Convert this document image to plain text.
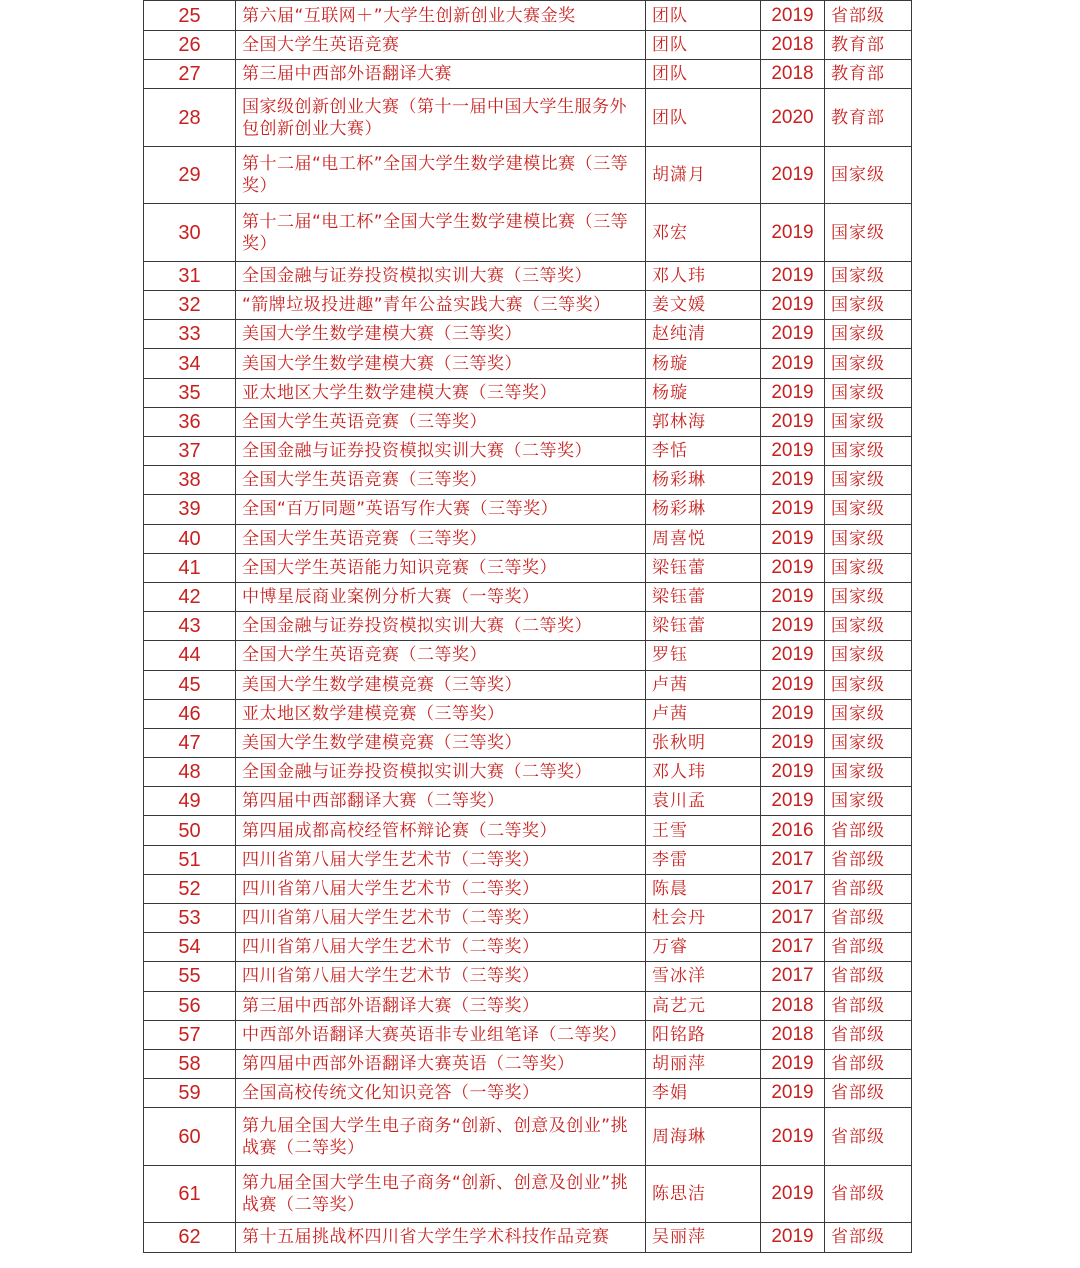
25	第六届“互联网＋”大学生创新创业大赛金奖	团队	2019	省部级
26	全国大学生英语竞赛	团队	2018	教育部
27	第三届中西部外语翻译大赛	团队	2018	教育部
28	国家级创新创业大赛（第十一届中国大学生服务外包创新创业大赛）	团队	2020	教育部
29	第十二届“电工杯”全国大学生数学建模比赛（三等奖）	胡潇月	2019	国家级
30	第十二届“电工杯”全国大学生数学建模比赛（三等奖）	邓宏	2019	国家级
31	全国金融与证券投资模拟实训大赛（三等奖）	邓人玮	2019	国家级
32	“箭牌垃圾投进趣”青年公益实践大赛（三等奖）	姜文媛	2019	国家级
33	美国大学生数学建模大赛（三等奖）	赵纯清	2019	国家级
34	美国大学生数学建模大赛（三等奖）	杨璇	2019	国家级
35	亚太地区大学生数学建模大赛（三等奖）	杨璇	2019	国家级
36	全国大学生英语竞赛（三等奖）	郭林海	2019	国家级
37	全国金融与证券投资模拟实训大赛（二等奖）	李恬	2019	国家级
38	全国大学生英语竞赛（三等奖）	杨彩琳	2019	国家级
39	全国“百万同题”英语写作大赛（三等奖）	杨彩琳	2019	国家级
40	全国大学生英语竞赛（三等奖）	周喜悦	2019	国家级
41	全国大学生英语能力知识竞赛（三等奖）	梁钰蕾	2019	国家级
42	中博星辰商业案例分析大赛（一等奖）	梁钰蕾	2019	国家级
43	全国金融与证券投资模拟实训大赛（二等奖）	梁钰蕾	2019	国家级
44	全国大学生英语竞赛（二等奖）	罗钰	2019	国家级
45	美国大学生数学建模竞赛（三等奖）	卢茜	2019	国家级
46	亚太地区数学建模竞赛（三等奖）	卢茜	2019	国家级
47	美国大学生数学建模竞赛（三等奖）	张秋明	2019	国家级
48	全国金融与证券投资模拟实训大赛（二等奖）	邓人玮	2019	国家级
49	第四届中西部翻译大赛（二等奖）	袁川孟	2019	国家级
50	第四届成都高校经管杯辩论赛（二等奖）	王雪	2016	省部级
51	四川省第八届大学生艺术节（二等奖）	李雷	2017	省部级
52	四川省第八届大学生艺术节（二等奖）	陈晨	2017	省部级
53	四川省第八届大学生艺术节（二等奖）	杜会丹	2017	省部级
54	四川省第八届大学生艺术节（二等奖）	万睿	2017	省部级
55	四川省第八届大学生艺术节（三等奖）	雪冰洋	2017	省部级
56	第三届中西部外语翻译大赛（三等奖）	高艺元	2018	省部级
57	中西部外语翻译大赛英语非专业组笔译（二等奖）	阳铭路	2018	省部级
58	第四届中西部外语翻译大赛英语（二等奖）	胡丽萍	2019	省部级
59	全国高校传统文化知识竞答（一等奖）	李娟	2019	省部级
60	第九届全国大学生电子商务“创新、创意及创业”挑战赛（二等奖）	周海琳	2019	省部级
61	第九届全国大学生电子商务“创新、创意及创业”挑战赛（二等奖）	陈思洁	2019	省部级
62	第十五届挑战杯四川省大学生学术科技作品竞赛	吴丽萍	2019	省部级
